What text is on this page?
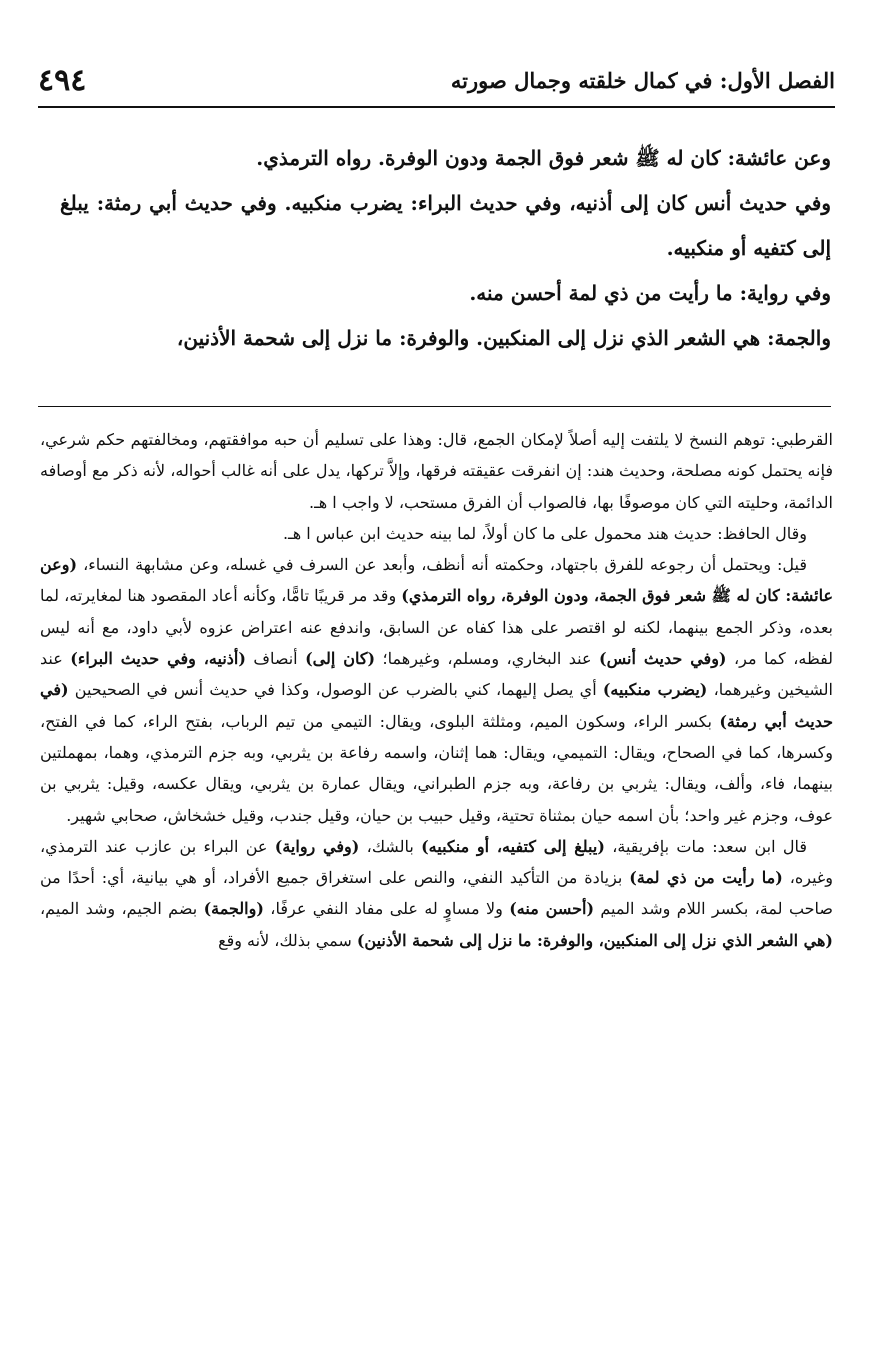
الفصل الأول: في كمال خلقته وجمال صورته
٤٩٤

وعن عائشة: كان له ﷺ شعر فوق الجمة ودون الوفرة. رواه الترمذي.

وفي حديث أنس كان إلى أذنيه، وفي حديث البراء: يضرب منكبيه. وفي حديث أبي رمثة: يبلغ إلى كتفيه أو منكبيه.

وفي رواية: ما رأيت من ذي لمة أحسن منه.

والجمة: هي الشعر الذي نزل إلى المنكبين. والوفرة: ما نزل إلى شحمة الأذنين،

القرطبي: توهم النسخ لا يلتفت إليه أصلاً لإمكان الجمع، قال: وهذا على تسليم أن حبه موافقتهم، ومخالفتهم حكم شرعي، فإنه يحتمل كونه مصلحة، وحديث هند: إن انفرقت عقيقته فرقها، وإلاَّ تركها، يدل على أنه غالب أحواله، لأنه ذكر مع أوصافه الدائمة، وحليته التي كان موصوفًا بها، فالصواب أن الفرق مستحب، لا واجب ا هـ.

وقال الحافظ: حديث هند محمول على ما كان أولاً، لما بينه حديث ابن عباس ا هـ.

قيل: ويحتمل أن رجوعه للفرق باجتهاد، وحكمته أنه أنظف، وأبعد عن السرف في غسله، وعن مشابهة النساء، (وعن عائشة: كان له ﷺ شعر فوق الجمة، ودون الوفرة، رواه الترمذي) وقد مر قريبًا تامًّا، وكأنه أعاد المقصود هنا لمغايرته، لما بعده، وذكر الجمع بينهما، لكنه لو اقتصر على هذا كفاه عن السابق، واندفع عنه اعتراض عزوه لأبي داود، مع أنه ليس لفظه، كما مر، (وفي حديث أنس) عند البخاري، ومسلم، وغيرهما؛ (كان إلى) أنصاف (أذنيه، وفي حديث البراء) عند الشيخين وغيرهما، (يضرب منكبيه) أي يصل إليهما، كني بالضرب عن الوصول، وكذا في حديث أنس في الصحيحين (في حديث أبي رمثة) بكسر الراء، وسكون الميم، ومثلثة البلوى، ويقال: التيمي من تيم الرباب، بفتح الراء، كما في الفتح، وكسرها، كما في الصحاح، ويقال: التميمي، ويقال: هما إثنان، واسمه رفاعة بن يثربي، وبه جزم الترمذي، وهما، بمهملتين بينهما، فاء، وألف، ويقال: يثربي بن رفاعة، وبه جزم الطبراني، ويقال عمارة بن يثربي، ويقال عكسه، وقيل: يثربي بن عوف، وجزم غير واحد؛ بأن اسمه حيان بمثناة تحتية، وقيل حبيب بن حيان، وقيل جندب، وقيل خشخاش، صحابي شهير.

قال ابن سعد: مات بإفريقية، (يبلغ إلى كتفيه، أو منكبيه) بالشك، (وفي رواية) عن البراء بن عازب عند الترمذي، وغيره، (ما رأيت من ذي لمة) بزيادة من التأكيد النفي، والنص على استغراق جميع الأفراد، أو هي بيانية، أي: أحدًا من صاحب لمة، بكسر اللام وشد الميم (أحسن منه) ولا مساوٍ له على مفاد النفي عرفًا، (والجمة) بضم الجيم، وشد الميم، (هي الشعر الذي نزل إلى المنكبين، والوفرة: ما نزل إلى شحمة الأذنين) سمي بذلك، لأنه وقع
